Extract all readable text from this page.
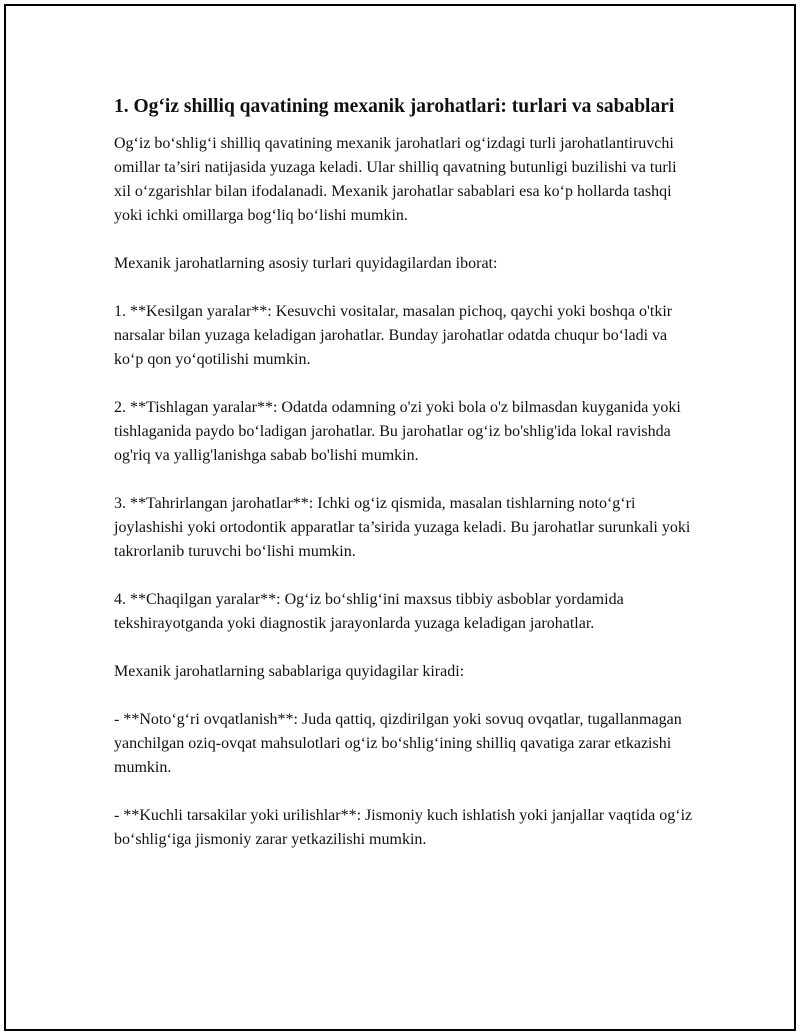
1. Og‘iz shilliq qavatining mexanik jarohatlari: turlari va sabablari

Og‘iz bo‘shlig‘i shilliq qavatining mexanik jarohatlari og‘izdagi turli jarohatlantiruvchi omillar ta’siri natijasida yuzaga keladi. Ular shilliq qavatning butunligi buzilishi va turli xil o‘zgarishlar bilan ifodalanadi. Mexanik jarohatlar sabablari esa ko‘p hollarda tashqi yoki ichki omillarga bog‘liq bo‘lishi mumkin.

Mexanik jarohatlarning asosiy turlari quyidagilardan iborat:

1. **Kesilgan yaralar**: Kesuvchi vositalar, masalan pichoq, qaychi yoki boshqa o'tkir narsalar bilan yuzaga keladigan jarohatlar. Bunday jarohatlar odatda chuqur bo‘ladi va ko‘p qon yo‘qotilishi mumkin.

2. **Tishlagan yaralar**: Odatda odamning o'zi yoki bola o'z bilmasdan kuyganida yoki tishlaganida paydo bo‘ladigan jarohatlar. Bu jarohatlar og‘iz bo'shlig'ida lokal ravishda og'riq va yallig'lanishga sabab bo'lishi mumkin.

3. **Tahrirlangan jarohatlar**: Ichki og‘iz qismida, masalan tishlarning noto‘g‘ri joylashishi yoki ortodontik apparatlar ta’sirida yuzaga keladi. Bu jarohatlar surunkali yoki takrorlanib turuvchi bo‘lishi mumkin.

4. **Chaqilgan yaralar**: Og‘iz bo‘shlig‘ini maxsus tibbiy asboblar yordamida tekshirayotganda yoki diagnostik jarayonlarda yuzaga keladigan jarohatlar.

Mexanik jarohatlarning sabablariga quyidagilar kiradi:

- **Noto‘g‘ri ovqatlanish**: Juda qattiq, qizdirilgan yoki sovuq ovqatlar, tugallanmagan yanchilgan oziq-ovqat mahsulotlari og‘iz bo‘shlig‘ining shilliq qavatiga zarar etkazishi mumkin.

- **Kuchli tarsakilar yoki urilishlar**: Jismoniy kuch ishlatish yoki janjallar vaqtida og‘iz bo‘shlig‘iga jismoniy zarar yetkazilishi mumkin.
